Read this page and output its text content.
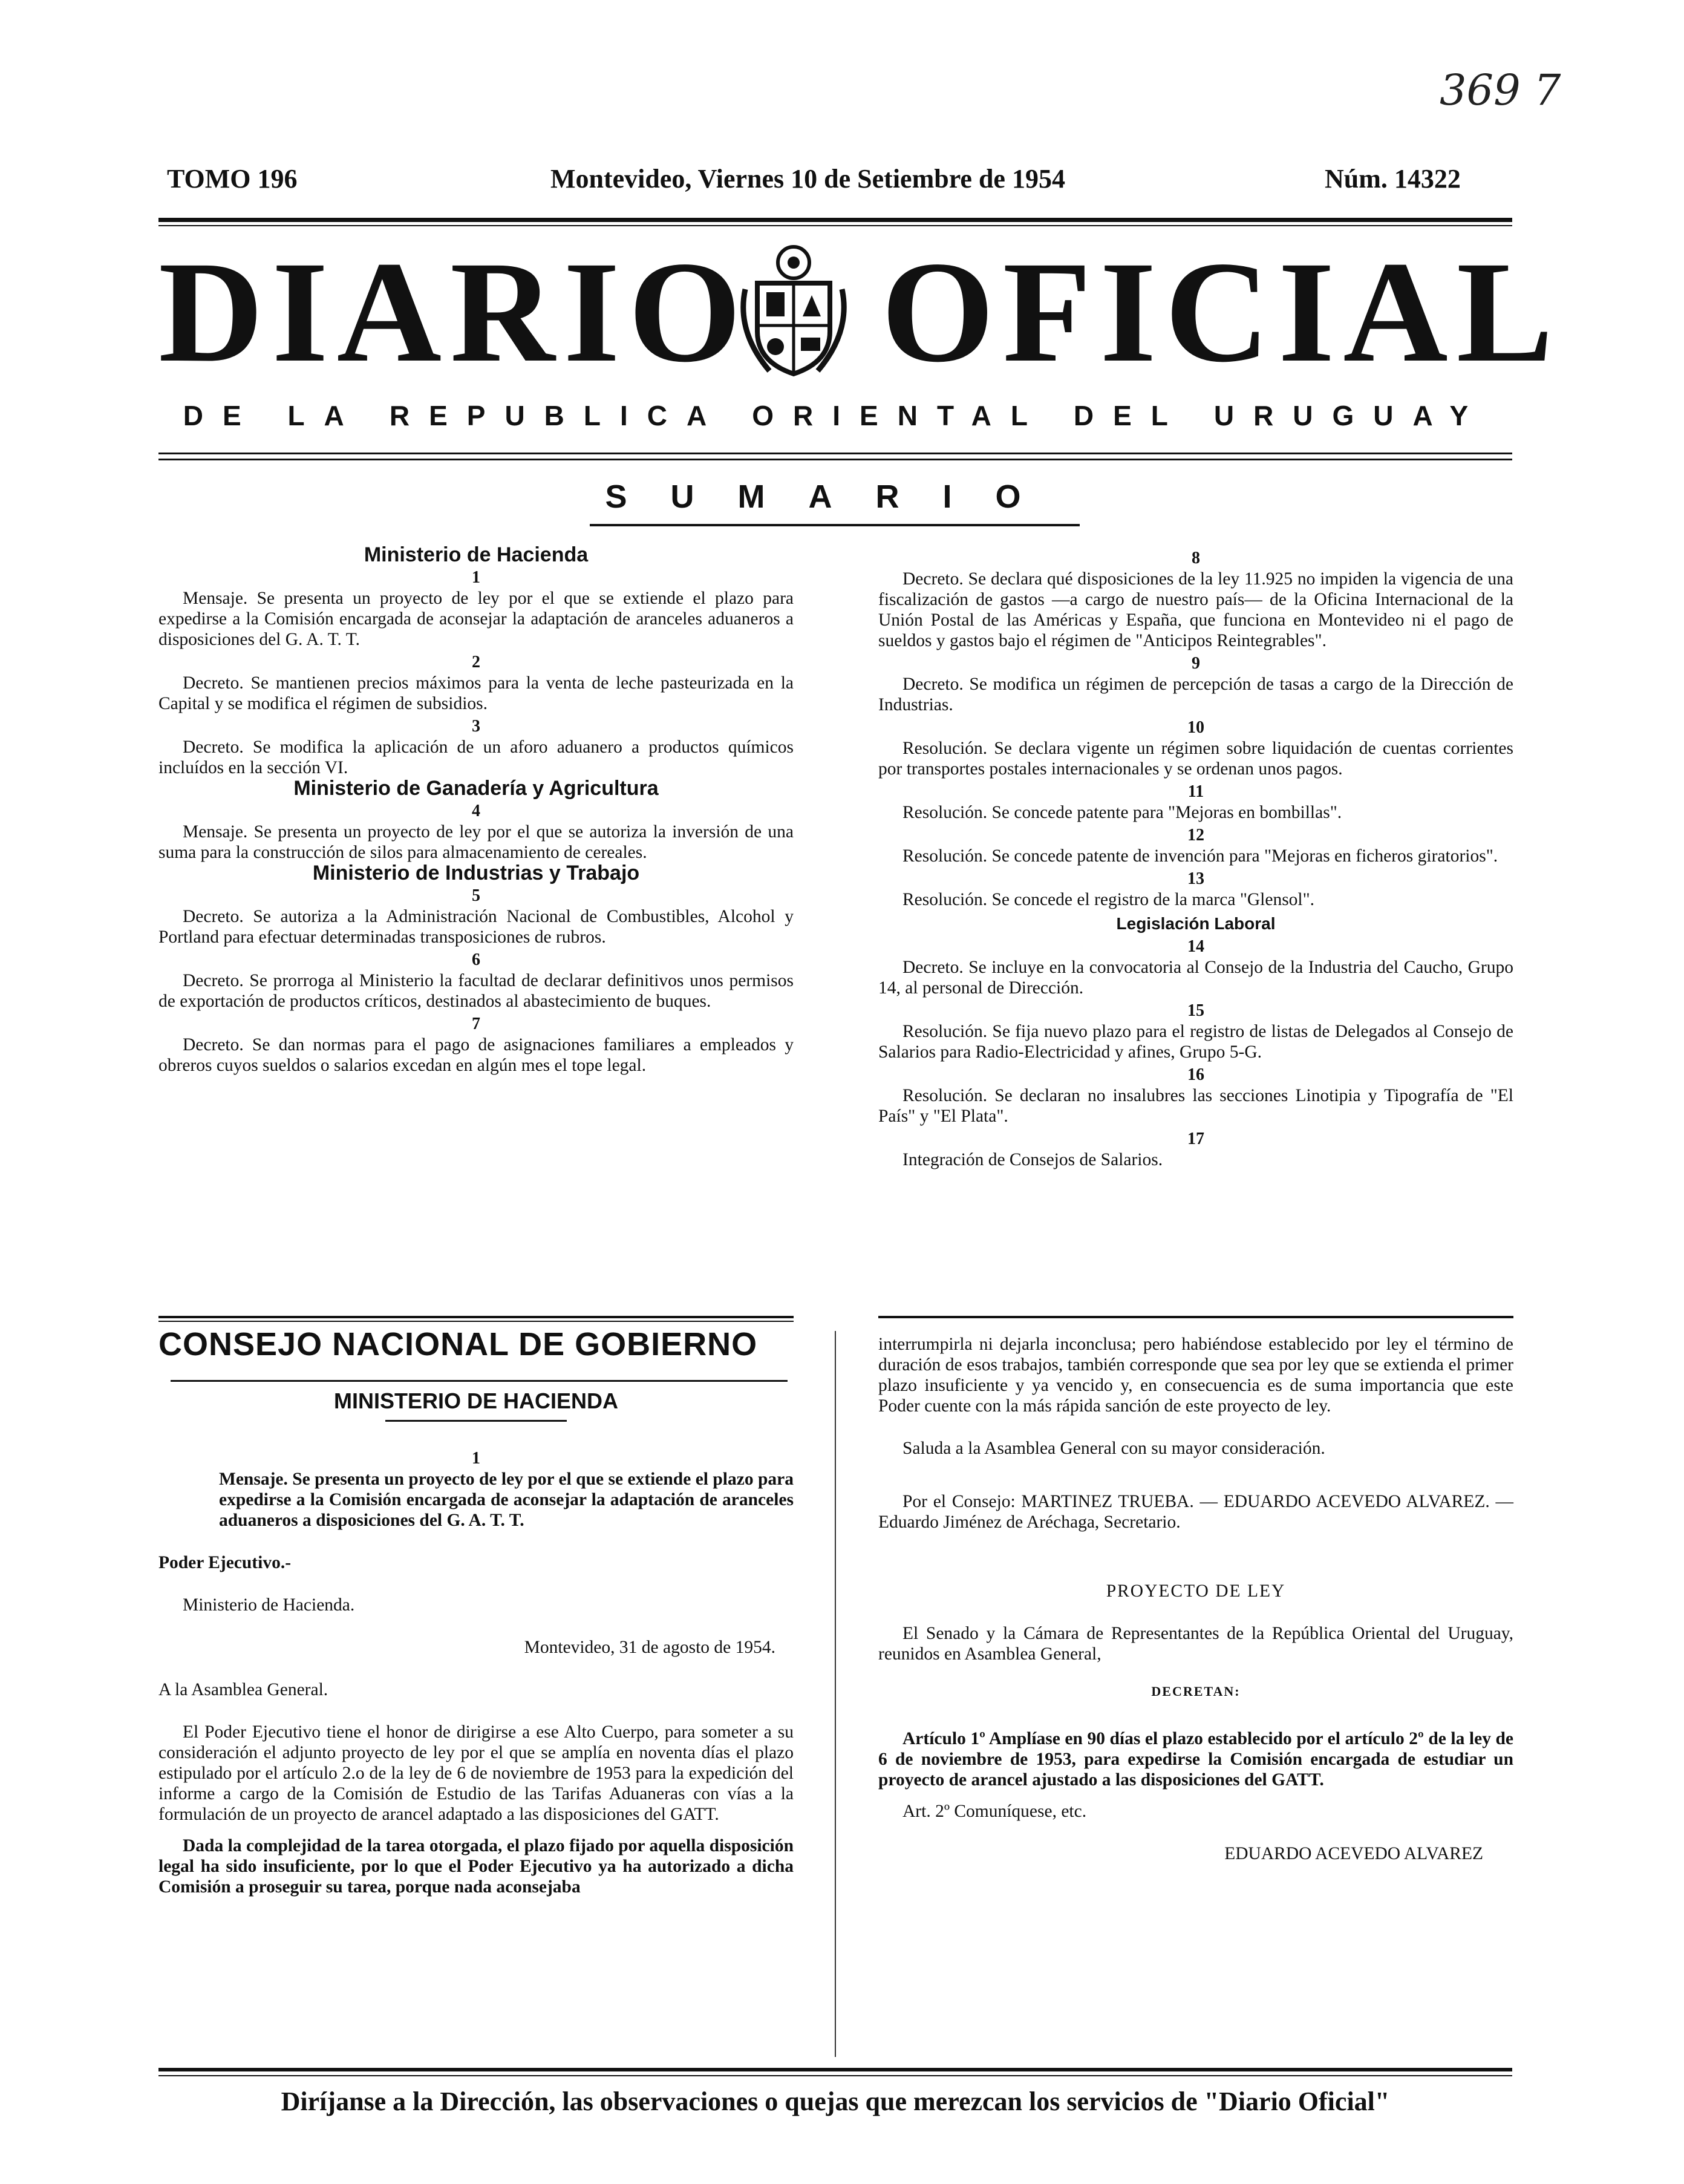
369 7
TOMO 196	Montevideo, Viernes 10 de Setiembre de 1954	Núm. 14322
DIARIO OFICIAL
DE LA REPUBLICA ORIENTAL DEL URUGUAY
SUMARIO

Ministerio de Hacienda

1

Mensaje. Se presenta un proyecto de ley por el que se extiende el plazo para expedirse a la Comisión encargada de aconsejar la adaptación de aranceles aduaneros a disposiciones del G. A. T. T.

2

Decreto. Se mantienen precios máximos para la venta de leche pasteurizada en la Capital y se modifica el régimen de subsidios.

3

Decreto. Se modifica la aplicación de un aforo aduanero a productos químicos incluídos en la sección VI.

Ministerio de Ganadería y Agricultura

4

Mensaje. Se presenta un proyecto de ley por el que se autoriza la inversión de una suma para la construcción de silos para almacenamiento de cereales.

Ministerio de Industrias y Trabajo

5

Decreto. Se autoriza a la Administración Nacional de Combustibles, Alcohol y Portland para efectuar determinadas transposiciones de rubros.

6

Decreto. Se prorroga al Ministerio la facultad de declarar definitivos unos permisos de exportación de productos críticos, destinados al abastecimiento de buques.

7

Decreto. Se dan normas para el pago de asignaciones familiares a empleados y obreros cuyos sueldos o salarios excedan en algún mes el tope legal.

8

Decreto. Se declara qué disposiciones de la ley 11.925 no impiden la vigencia de una fiscalización de gastos —a cargo de nuestro país— de la Oficina Internacional de la Unión Postal de las Américas y España, que funciona en Montevideo ni el pago de sueldos y gastos bajo el régimen de "Anticipos Reintegrables".

9

Decreto. Se modifica un régimen de percepción de tasas a cargo de la Dirección de Industrias.

10

Resolución. Se declara vigente un régimen sobre liquidación de cuentas corrientes por transportes postales internacionales y se ordenan unos pagos.

11

Resolución. Se concede patente para "Mejoras en bombillas".

12

Resolución. Se concede patente de invención para "Mejoras en ficheros giratorios".

13

Resolución. Se concede el registro de la marca "Glensol".

Legislación Laboral

14

Decreto. Se incluye en la convocatoria al Consejo de la Industria del Caucho, Grupo 14, al personal de Dirección.

15

Resolución. Se fija nuevo plazo para el registro de listas de Delegados al Consejo de Salarios para Radio-Electricidad y afines, Grupo 5-G.

16

Resolución. Se declaran no insalubres las secciones Linotipia y Tipografía de "El País" y "El Plata".

17

Integración de Consejos de Salarios.

CONSEJO NACIONAL DE GOBIERNO
MINISTERIO DE HACIENDA

1

Mensaje. Se presenta un proyecto de ley por el que se extiende el plazo para expedirse a la Comisión encargada de aconsejar la adaptación de aranceles aduaneros a disposiciones del G. A. T. T.

Poder Ejecutivo.-

Ministerio de Hacienda.

Montevideo, 31 de agosto de 1954.

A la Asamblea General.

El Poder Ejecutivo tiene el honor de dirigirse a ese Alto Cuerpo, para someter a su consideración el adjunto proyecto de ley por el que se amplía en noventa días el plazo estipulado por el artículo 2.o de la ley de 6 de noviembre de 1953 para la expedición del informe a cargo de la Comisión de Estudio de las Tarifas Aduaneras con vías a la formulación de un proyecto de arancel adaptado a las disposiciones del GATT.

Dada la complejidad de la tarea otorgada, el plazo fijado por aquella disposición legal ha sido insuficiente, por lo que el Poder Ejecutivo ya ha autorizado a dicha Comisión a proseguir su tarea, porque nada aconsejaba

interrumpirla ni dejarla inconclusa; pero habiéndose establecido por ley el término de duración de esos trabajos, también corresponde que sea por ley que se extienda el primer plazo insuficiente y ya vencido y, en consecuencia es de suma importancia que este Poder cuente con la más rápida sanción de este proyecto de ley.

Saluda a la Asamblea General con su mayor consideración.

Por el Consejo: MARTINEZ TRUEBA. — EDUARDO ACEVEDO ALVAREZ. — Eduardo Jiménez de Aréchaga, Secretario.

PROYECTO DE LEY

El Senado y la Cámara de Representantes de la República Oriental del Uruguay, reunidos en Asamblea General,

DECRETAN:

Artículo 1º Amplíase en 90 días el plazo establecido por el artículo 2º de la ley de 6 de noviembre de 1953, para expedirse la Comisión encargada de estudiar un proyecto de arancel ajustado a las disposiciones del GATT.

Art. 2º Comuníquese, etc.

EDUARDO ACEVEDO ALVAREZ

Diríjanse a la Dirección, las observaciones o quejas que merezcan los servicios de "Diario Oficial"
